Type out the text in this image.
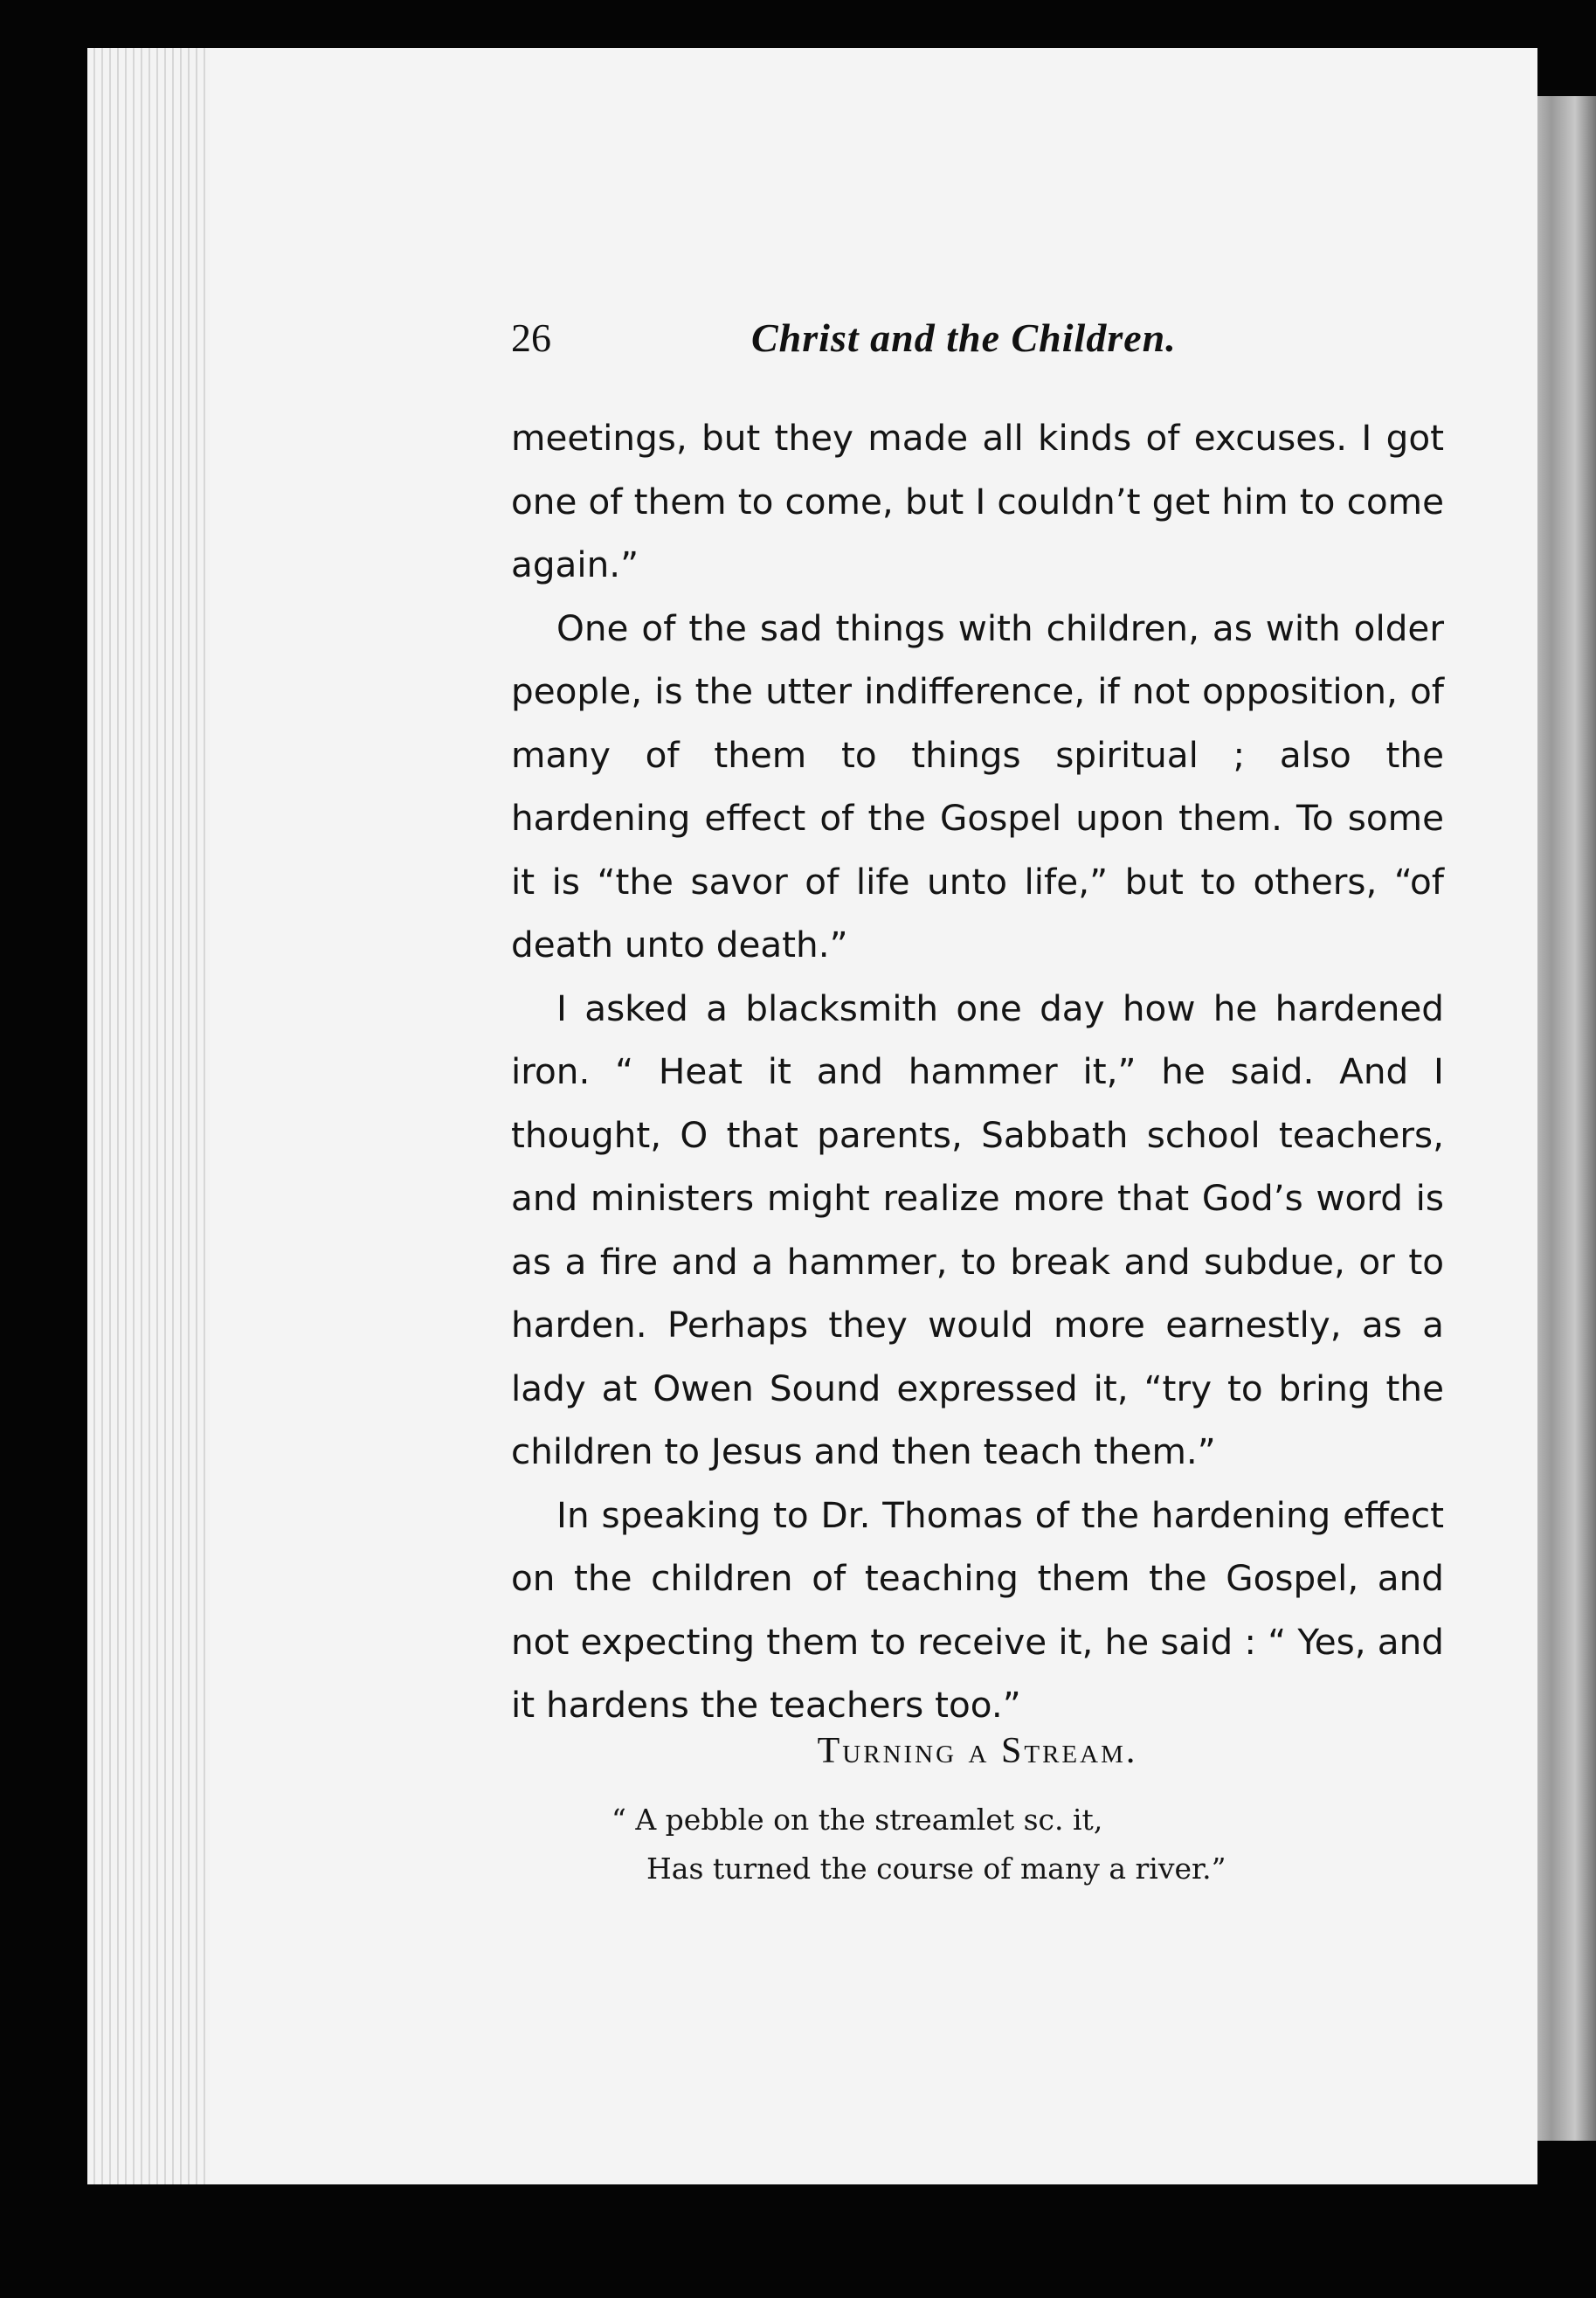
26	Christ and the Children.

meetings, but they made all kinds of excuses. I got one of them to come, but I couldn’t get him to come again.”

One of the sad things with children, as with older people, is the utter indifference, if not opposition, of many of them to things spiritual ; also the hardening effect of the Gospel upon them. To some it is “the savor of life unto life,” but to others, “of death unto death.”

I asked a blacksmith one day how he hardened iron. “ Heat it and hammer it,” he said. And I thought, O that parents, Sabbath school teachers, and ministers might realize more that God’s word is as a fire and a hammer, to break and subdue, or to harden. Perhaps they would more earnestly, as a lady at Owen Sound expressed it, “try to bring the children to Jesus and then teach them.”

In speaking to Dr. Thomas of the hardening effect on the children of teaching them the Gospel, and not expecting them to receive it, he said : “ Yes, and it hardens the teachers too.”

Turning a Stream.
“ A pebble on the streamlet sc. it,
Has turned the course of many a river.”
